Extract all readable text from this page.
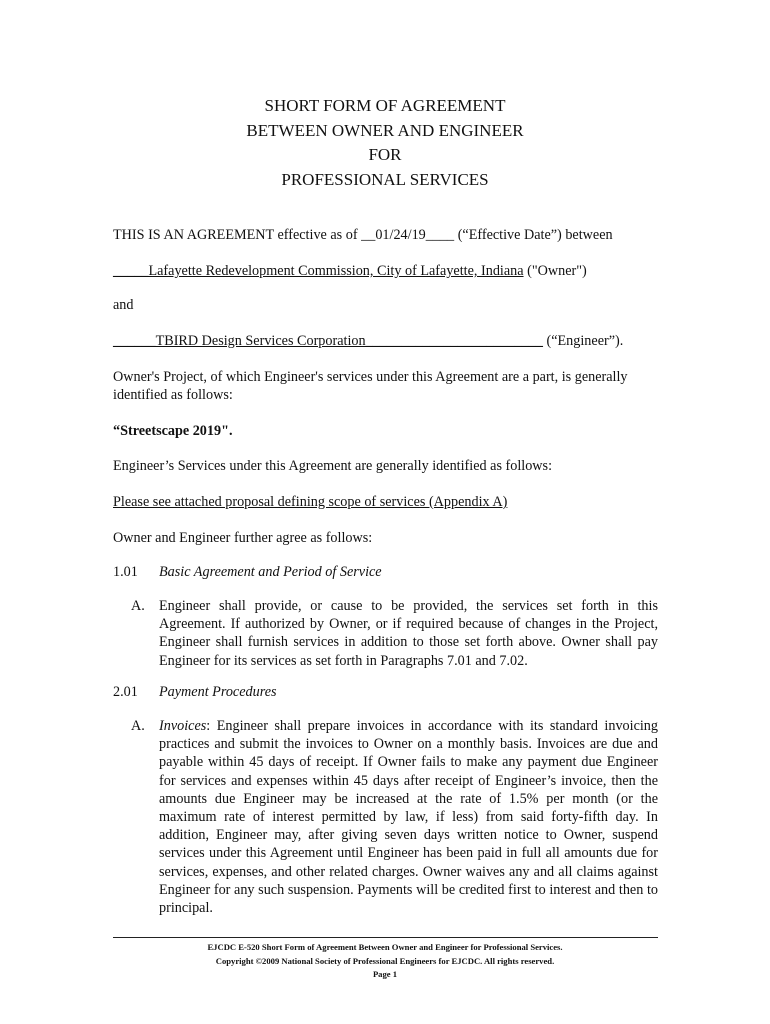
SHORT FORM OF AGREEMENT
BETWEEN OWNER AND ENGINEER
FOR
PROFESSIONAL SERVICES
THIS IS AN AGREEMENT effective as of __01/24/19____ (“Effective Date”) between
_____Lafayette Redevelopment Commission, City of Lafayette, Indiana ("Owner")
and
______TBIRD Design Services Corporation_________________________ (“Engineer”).
Owner's Project, of which Engineer's services under this Agreement are a part, is generally
identified as follows:
“Streetscape 2019".
Engineer’s Services under this Agreement are generally identified as follows:
Please see attached proposal defining scope of services (Appendix A)
Owner and Engineer further agree as follows:
1.01 Basic Agreement and Period of Service
A. Engineer shall provide, or cause to be provided, the services set forth in this Agreement. If authorized by Owner, or if required because of changes in the Project, Engineer shall furnish services in addition to those set forth above. Owner shall pay Engineer for its services as set forth in Paragraphs 7.01 and 7.02.
2.01 Payment Procedures
A. Invoices: Engineer shall prepare invoices in accordance with its standard invoicing practices and submit the invoices to Owner on a monthly basis. Invoices are due and payable within 45 days of receipt. If Owner fails to make any payment due Engineer for services and expenses within 45 days after receipt of Engineer’s invoice, then the amounts due Engineer may be increased at the rate of 1.5% per month (or the maximum rate of interest permitted by law, if less) from said forty-fifth day. In addition, Engineer may, after giving seven days written notice to Owner, suspend services under this Agreement until Engineer has been paid in full all amounts due for services, expenses, and other related charges. Owner waives any and all claims against Engineer for any such suspension. Payments will be credited first to interest and then to principal.
EJCDC E-520 Short Form of Agreement Between Owner and Engineer for Professional Services.
Copyright ©2009 National Society of Professional Engineers for EJCDC. All rights reserved.
Page 1
